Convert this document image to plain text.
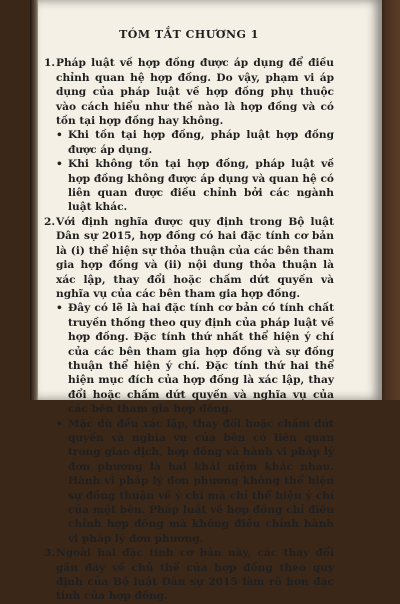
TÓM TẮT CHƯƠNG 1
1. Pháp luật về hợp đồng được áp dụng để điều chỉnh quan hệ hợp đồng. Do vậy, phạm vi áp dụng của pháp luật về hợp đồng phụ thuộc vào cách hiểu như thế nào là hợp đồng và có tồn tại hợp đồng hay không.

• Khi tồn tại hợp đồng, pháp luật hợp đồng được áp dụng.

• Khi không tồn tại hợp đồng, pháp luật về hợp đồng không được áp dụng và quan hệ có liên quan được điều chỉnh bởi các ngành luật khác.

2. Với định nghĩa được quy định trong Bộ luật Dân sự 2015, hợp đồng có hai đặc tính cơ bản là (i) thể hiện sự thỏa thuận của các bên tham gia hợp đồng và (ii) nội dung thỏa thuận là xác lập, thay đổi hoặc chấm dứt quyền và nghĩa vụ của các bên tham gia hợp đồng.

• Đây có lẽ là hai đặc tính cơ bản có tính chất truyền thống theo quy định của pháp luật về hợp đồng. Đặc tính thứ nhất thể hiện ý chí của các bên tham gia hợp đồng và sự đồng thuận thể hiện ý chí. Đặc tính thứ hai thể hiện mục đích của hợp đồng là xác lập, thay đổi hoặc chấm dứt quyền và nghĩa vụ của các bên tham gia hợp đồng.

• Mặc dù đều xác lập, thay đổi hoặc chấm dứt quyền và nghĩa vụ của bên có liên quan trong giao dịch, hợp đồng và hành vi pháp lý đơn phương là hai khái niệm khác nhau. Hành vi pháp lý đơn phương không thể hiện sự đồng thuận về ý chí mà chỉ thể hiện ý chí của một bên. Pháp luật về hợp đồng chỉ điều chỉnh hợp đồng mà không điều chỉnh hành vi pháp lý đơn phương.

3. Ngoài hai đặc tính cơ bản này, các thay đổi gần đây về chủ thể của hợp đồng theo quy định của Bộ luật Dân sự 2015 làm rõ hơn đặc tính của hợp đồng.
